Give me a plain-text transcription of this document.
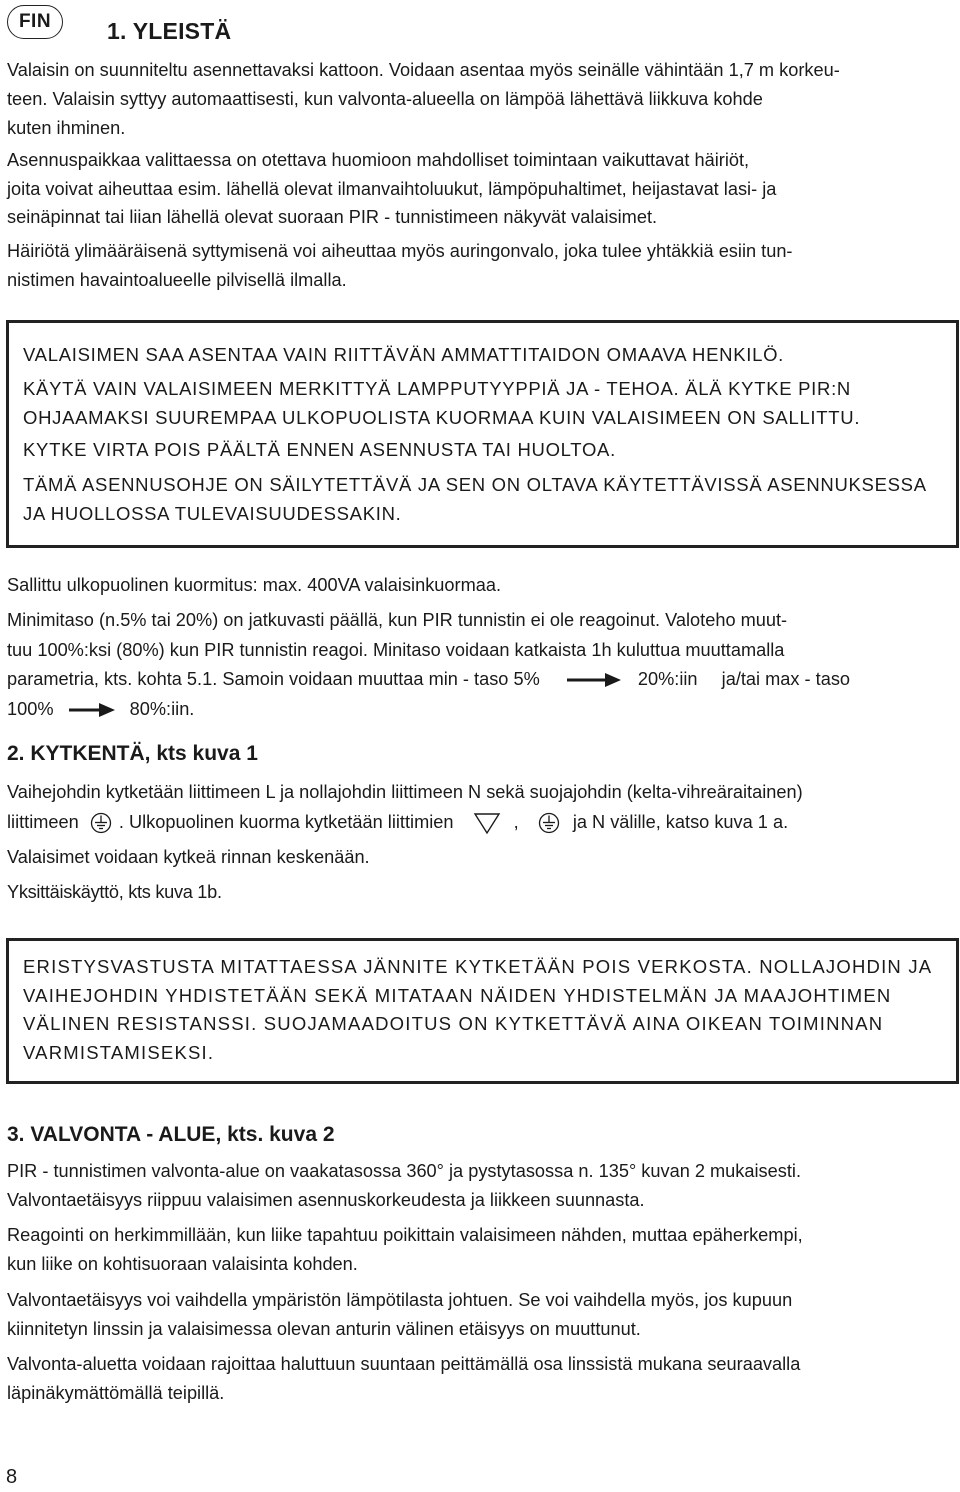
FIN 1. YLEISTÄ

Valaisin on suunniteltu asennettavaksi kattoon. Voidaan asentaa myös seinälle vähintään 1,7 m korkeu-
teen. Valaisin syttyy automaattisesti, kun valvonta-alueella on lämpöä lähettävä liikkuva kohde
kuten ihminen.

Asennuspaikkaa valittaessa on otettava huomioon mahdolliset toimintaan vaikuttavat häiriöt,
joita voivat aiheuttaa esim. lähellä olevat ilmanvaihtoluukut, lämpöpuhaltimet, heijastavat lasi- ja
seinäpinnat tai liian lähellä olevat suoraan PIR - tunnistimeen näkyvät valaisimet.

Häiriötä ylimääräisenä syttymisenä voi aiheuttaa myös auringonvalo, joka tulee yhtäkkiä esiin tun-
nistimen havaintoalueelle pilvisellä ilmalla.

VALAISIMEN SAA ASENTAA VAIN RIITTÄVÄN AMMATTITAIDON OMAAVA HENKILÖ.

KÄYTÄ VAIN VALAISIMEEN MERKITTYÄ LAMPPUTYYPPIÄ JA - TEHOA. ÄLÄ KYTKE PIR:N
OHJAAMAKSI SUUREMPAA ULKOPUOLISTA KUORMAA KUIN VALAISIMEEN ON SALLITTU.

KYTKE VIRTA POIS PÄÄLTÄ ENNEN ASENNUSTA TAI HUOLTOA.

TÄMÄ ASENNUSOHJE ON SÄILYTETTÄVÄ JA SEN ON OLTAVA KÄYTETTÄVISSÄ ASENNUKSESSA
JA HUOLLOSSA TULEVAISUUDESSAKIN.

Sallittu ulkopuolinen kuormitus: max. 400VA valaisinkuormaa.

Minimitaso (n.5% tai 20%) on jatkuvasti päällä, kun PIR tunnistin ei ole reagoinut. Valoteho muut-
tuu 100%:ksi (80%) kun PIR tunnistin reagoi. Minitaso voidaan katkaista 1h kuluttua muuttamalla
parametria, kts. kohta 5.1. Samoin voidaan muuttaa min - taso 5%	20%:iin ja/tai max - taso
100%	80%:iin.

2. KYTKENTÄ, kts kuva 1

Vaihejohdin kytketään liittimeen L ja nollajohdin liittimeen N sekä suojajohdin (kelta-vihreäraitainen)
liittimeen . Ulkopuolinen kuorma kytketään liittimien	,	ja N välille, katso kuva 1 a.

Valaisimet voidaan kytkeä rinnan keskenään.

Yksittäiskäyttö, kts kuva 1b.

ERISTYSVASTUSTA MITATTAESSA JÄNNITE KYTKETÄÄN POIS VERKOSTA. NOLLAJOHDIN JA
VAIHEJOHDIN YHDISTETÄÄN SEKÄ MITATAAN NÄIDEN YHDISTELMÄN JA MAAJOHTIMEN
VÄLINEN RESISTANSSI. SUOJAMAADOITUS ON KYTKETTÄVÄ AINA OIKEAN TOIMINNAN
VARMISTAMISEKSI.

3. VALVONTA - ALUE, kts. kuva 2

PIR - tunnistimen valvonta-alue on vaakatasossa 360° ja pystytasossa n. 135° kuvan 2 mukaisesti.
Valvontaetäisyys riippuu valaisimen asennuskorkeudesta ja liikkeen suunnasta.

Reagointi on herkimmillään, kun liike tapahtuu poikittain valaisimeen nähden, muttaa epäherkempi,
kun liike on kohtisuoraan valaisinta kohden.

Valvontaetäisyys voi vaihdella ympäristön lämpötilasta johtuen. Se voi vaihdella myös, jos kupuun
kiinnitetyn linssin ja valaisimessa olevan anturin välinen etäisyys on muuttunut.

Valvonta-aluetta voidaan rajoittaa haluttuun suuntaan peittämällä osa linssistä mukana seuraavalla
läpinäkymättömällä teipillä.

8
